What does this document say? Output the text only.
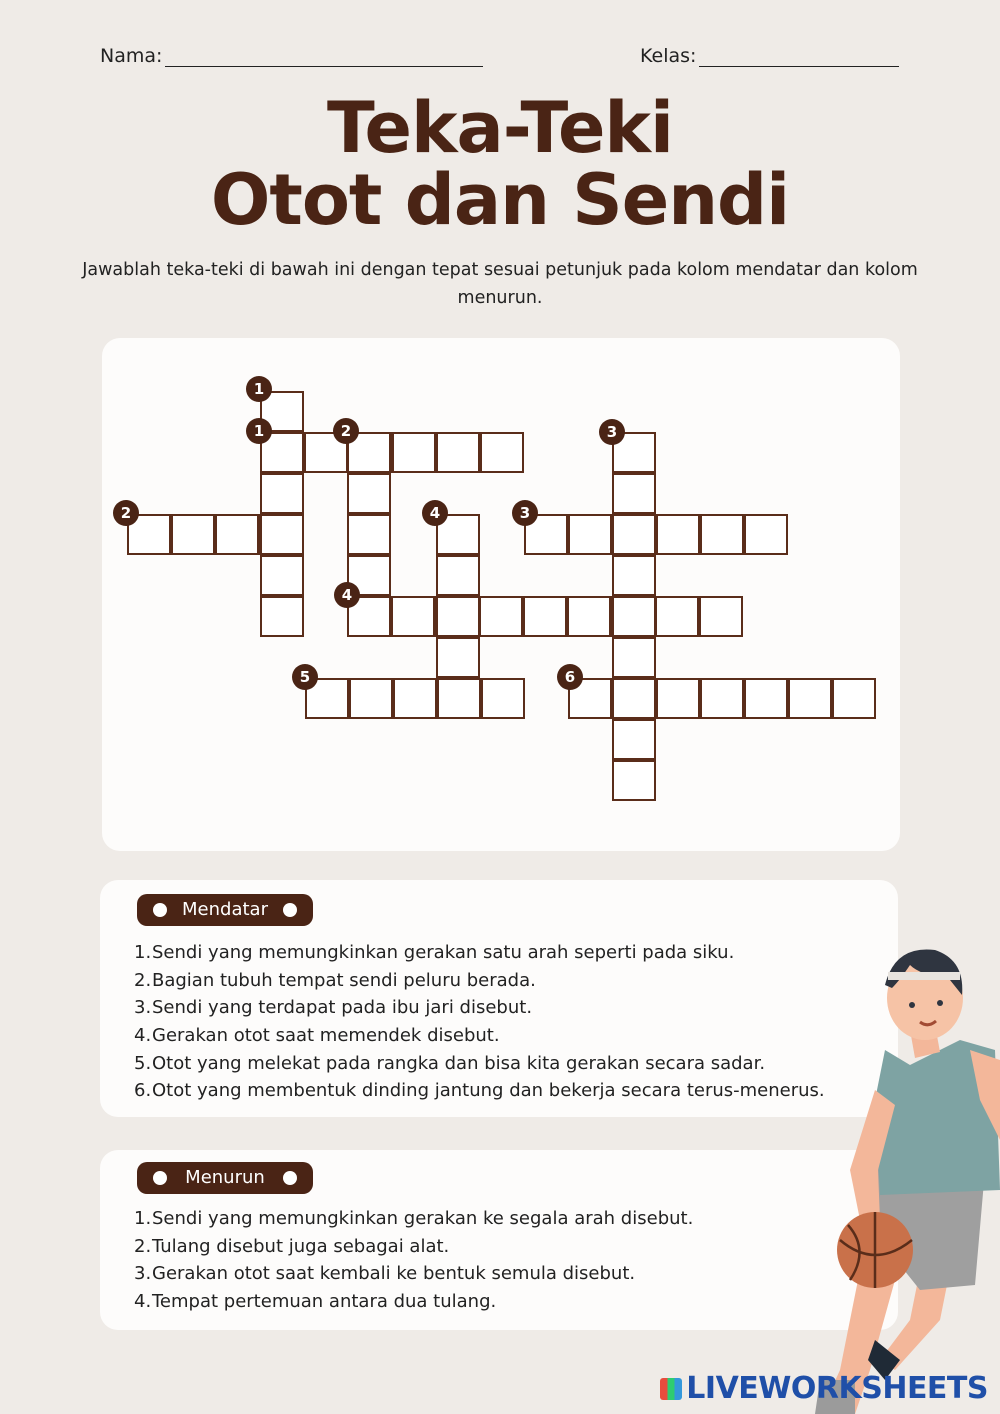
Nama:	Kelas:
Teka-Teki
Otot dan Sendi
Jawablah teka-teki di bawah ini dengan tepat sesuai petunjuk pada kolom mendatar dan kolom menurun.
1
1
2
2	3
4	3
4
5	6
Mendatar
1.Sendi yang memungkinkan gerakan satu arah seperti pada siku.
2.Bagian tubuh tempat sendi peluru berada.
3.Sendi yang terdapat pada ibu jari disebut.
4.Gerakan otot saat memendek disebut.
5.Otot yang melekat pada rangka dan bisa kita gerakan secara sadar.
6.Otot yang membentuk dinding jantung dan bekerja secara terus-menerus.
Menurun
1.Sendi yang memungkinkan gerakan ke segala arah disebut.
2.Tulang disebut juga sebagai alat.
3.Gerakan otot saat kembali ke bentuk semula disebut.
4.Tempat pertemuan antara dua tulang.
LIVEWORKSHEETS
